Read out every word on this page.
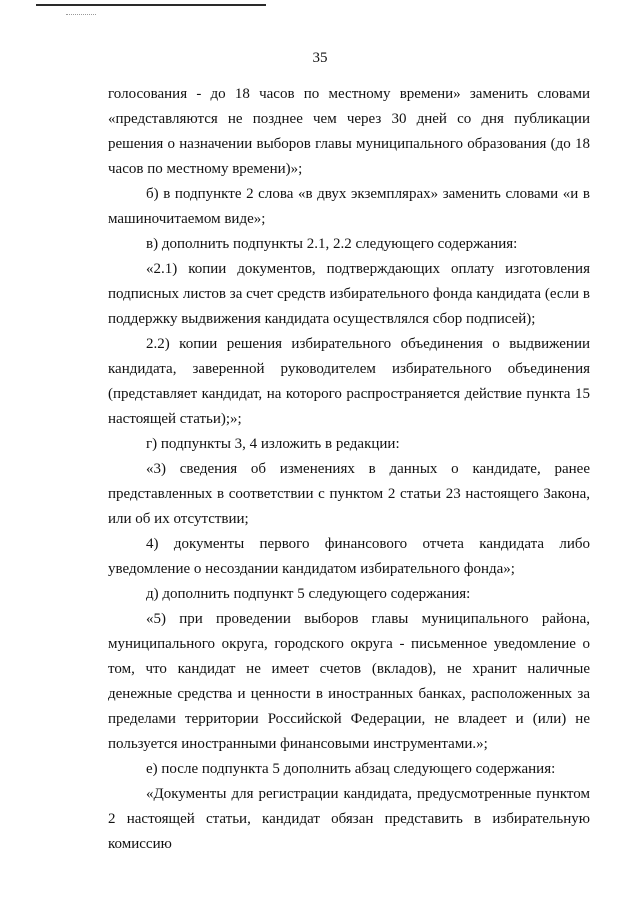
35

голосования - до 18 часов по местному времени» заменить словами «представляются не позднее чем через 30 дней со дня публикации решения о назначении выборов главы муниципального образования (до 18 часов по местному времени)»;

б) в подпункте 2 слова «в двух экземплярах» заменить словами «и в машиночитаемом виде»;

в) дополнить подпункты 2.1, 2.2 следующего содержания:

«2.1) копии документов, подтверждающих оплату изготовления подписных листов за счет средств избирательного фонда кандидата (если в поддержку выдвижения кандидата осуществлялся сбор подписей);

2.2) копии решения избирательного объединения о выдвижении кандидата, заверенной руководителем избирательного объединения (представляет кандидат, на которого распространяется действие пункта 15 настоящей статьи);»;

г) подпункты 3, 4 изложить в редакции:

«3) сведения об изменениях в данных о кандидате, ранее представленных в соответствии с пунктом 2 статьи 23 настоящего Закона, или об их отсутствии;

4) документы первого финансового отчета кандидата либо уведомление о несоздании кандидатом избирательного фонда»;

д) дополнить подпункт 5 следующего содержания:

«5) при проведении выборов главы муниципального района, муниципального округа, городского округа - письменное уведомление о том, что кандидат не имеет счетов (вкладов), не хранит наличные денежные средства и ценности в иностранных банках, расположенных за пределами территории Российской Федерации, не владеет и (или) не пользуется иностранными финансовыми инструментами.»;

е) после подпункта 5 дополнить абзац следующего содержания:

«Документы для регистрации кандидата, предусмотренные пунктом 2 настоящей статьи, кандидат обязан представить в избирательную комиссию
